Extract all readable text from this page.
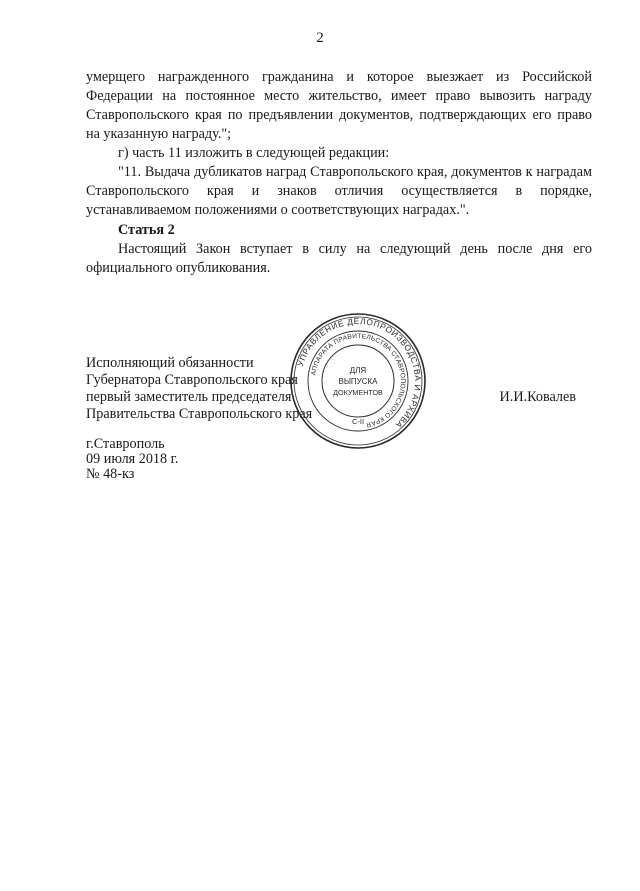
2

умерщего награжденного гражданина и которое выезжает из Российской Федерации на постоянное место жительство, имеет право вывозить награду Ставропольского края по предъявлении документов, подтверждающих его право на указанную награду.";

г) часть 11 изложить в следующей редакции:

"11. Выдача дубликатов наград Ставропольского края, документов к наградам Ставропольского края и знаков отличия осуществляется в порядке, устанавливаемом положениями о соответствующих наградах.".

Статья 2

Настоящий Закон вступает в силу на следующий день после дня его официального опубликования.

Исполняющий обязанности
Губернатора Ставропольского края
первый заместитель председателя
Правительства Ставропольского края
И.И.Ковалев
г.Ставрополь
09 июля 2018 г.
№ 48-кз
УПРАВЛЕНИЕ ДЕЛОПРОИЗВОДСТВА И АРХИВА
АППАРАТА ПРАВИТЕЛЬСТВА СТАВРОПОЛЬСКОГО КРАЯ
ДЛЯ
ВЫПУСКА
ДОКУМЕНТОВ
С-II
